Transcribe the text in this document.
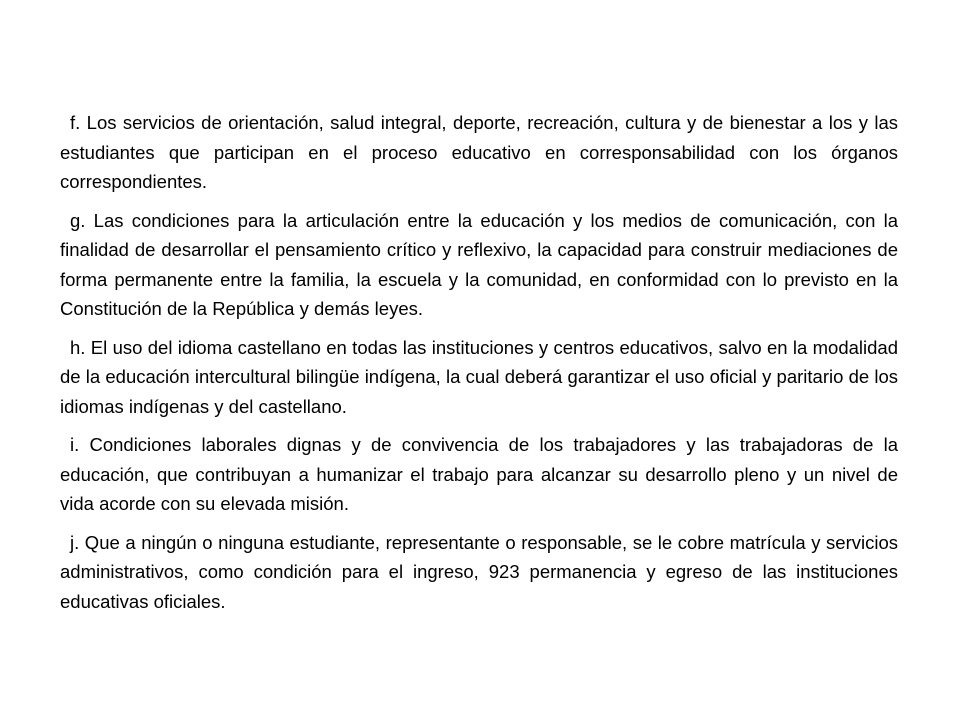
f. Los servicios de orientación, salud integral, deporte, recreación, cultura y de bienestar a los y las estudiantes que participan en el proceso educativo en corresponsabilidad con los órganos correspondientes.

g. Las condiciones para la articulación entre la educación y los medios de comunicación, con la finalidad de desarrollar el pensamiento crítico y reflexivo, la capacidad para construir mediaciones de forma permanente entre la familia, la escuela y la comunidad, en conformidad con lo previsto en la Constitución de la República y demás leyes.

h. El uso del idioma castellano en todas las instituciones y centros educativos, salvo en la modalidad de la educación intercultural bilingüe indígena, la cual deberá garantizar el uso oficial y paritario de los idiomas indígenas y del castellano.

i. Condiciones laborales dignas y de convivencia de los trabajadores y las trabajadoras de la educación, que contribuyan a humanizar el trabajo para alcanzar su desarrollo pleno y un nivel de vida acorde con su elevada misión.

j. Que a ningún o ninguna estudiante, representante o responsable, se le cobre matrícula y servicios administrativos, como condición para el ingreso, 923 permanencia y egreso de las instituciones educativas oficiales.
